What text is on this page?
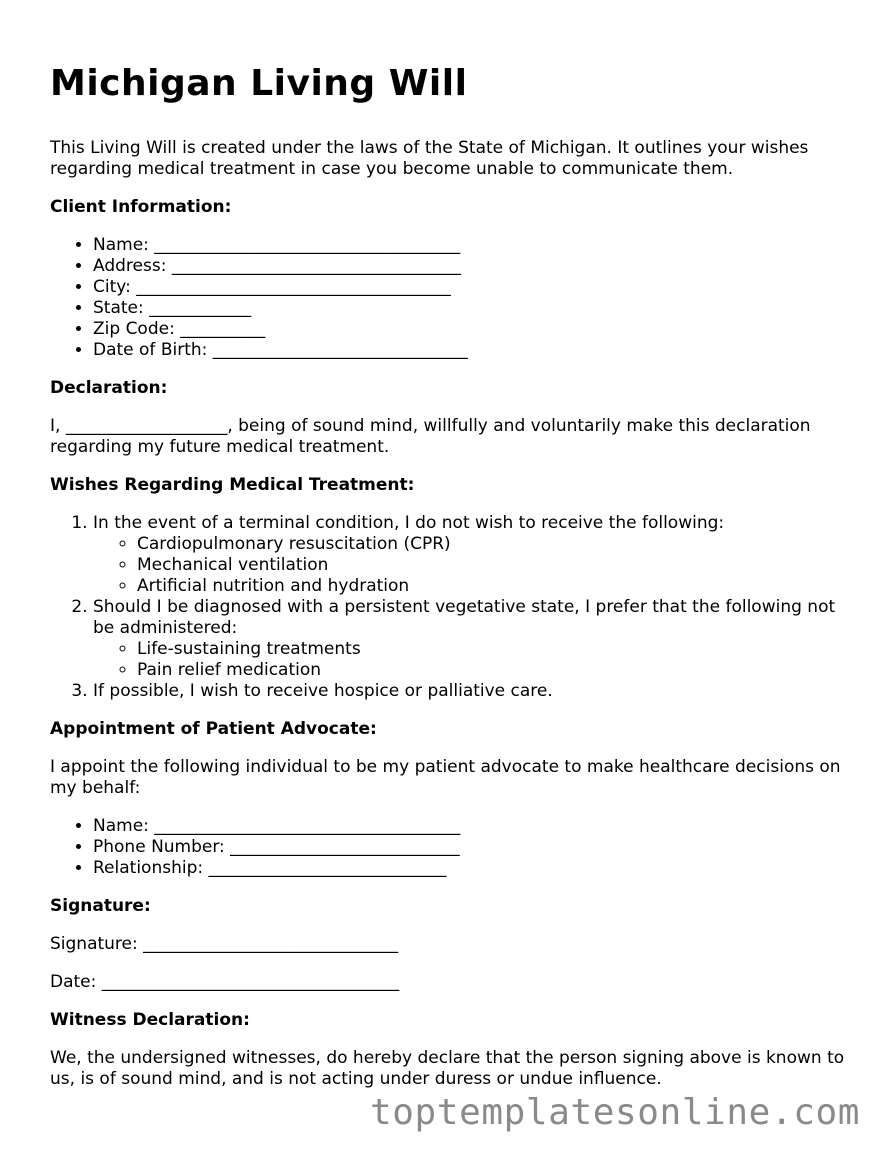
Michigan Living Will

This Living Will is created under the laws of the State of Michigan. It outlines your wishes regarding medical treatment in case you become unable to communicate them.

Client Information:
• Name: ____________________________________
• Address: __________________________________
• City: _____________________________________
• State: ____________
• Zip Code: __________
• Date of Birth: ______________________________
Declaration:

I, ___________________, being of sound mind, willfully and voluntarily make this declaration regarding my future medical treatment.

Wishes Regarding Medical Treatment:
1. In the event of a terminal condition, I do not wish to receive the following:
◦ Cardiopulmonary resuscitation (CPR)
◦ Mechanical ventilation
◦ Artificial nutrition and hydration
2. Should I be diagnosed with a persistent vegetative state, I prefer that the following not be administered:
◦ Life-sustaining treatments
◦ Pain relief medication
3. If possible, I wish to receive hospice or palliative care.
Appointment of Patient Advocate:

I appoint the following individual to be my patient advocate to make healthcare decisions on my behalf:

• Name: ____________________________________
• Phone Number: ___________________________
• Relationship: ____________________________
Signature:

Signature: ______________________________

Date: ___________________________________

Witness Declaration:

We, the undersigned witnesses, do hereby declare that the person signing above is known to us, is of sound mind, and is not acting under duress or undue influence.

toptemplatesonline.com
